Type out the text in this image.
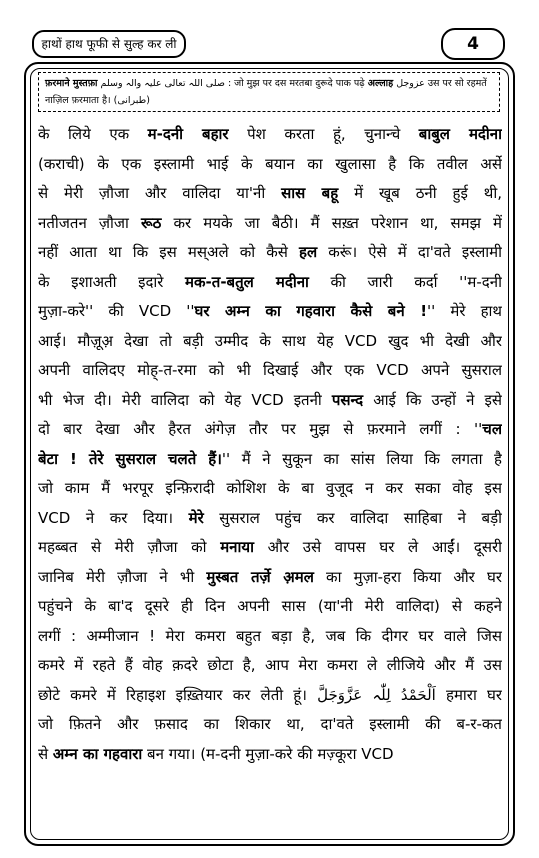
हाथों हाथ फूफी से सुल्ह कर ली	4
फ़रमाने मुस्तफ़ा صلی اللہ تعالی علیہ والہ وسلم : जो मुझ पर दस मरतबा दुरूदे पाक पढ़े अल्लाह عزوجل उस पर सो रहमतें
नाज़िल फ़रमाता है। (طبرانی)
के लिये एक म-दनी बहार पेश करता हूं, चुनान्चे बाबुल मदीना
(कराची) के एक इस्लामी भाई के बयान का खुलासा है कि तवील अर्से
से मेरी ज़ौजा और वालिदा या'नी सास बहू में खूब ठनी हुई थी,
नतीजतन ज़ौजा रूठ कर मयके जा बैठी। मैं सख़्त परेशान था, समझ में
नहीं आता था कि इस मस्अले को कैसे हल करूं। ऐसे में दा'वते इस्लामी
के इशाअती इदारे मक-त-बतुल मदीना की जारी कर्दा ''म-दनी
मुज़ा-करे'' की VCD ''घर अम्न का गहवारा कैसे बने !'' मेरे हाथ
आई। मौज़ूअ़ देखा तो बड़ी उम्मीद के साथ येह VCD खुद भी देखी और
अपनी वालिदए मोह्-त-रमा को भी दिखाई और एक VCD अपने सुसराल
भी भेज दी। मेरी वालिदा को येह VCD इतनी पसन्द आई कि उन्हों ने इसे
दो बार देखा और हैरत अंगेज़ तौर पर मुझ से फ़रमाने लगीं : ''चल
बेटा ! तेरे सुसराल चलते हैं।'' मैं ने सुकून का सांस लिया कि लगता है
जो काम मैं भरपूर इन्फ़िरादी कोशिश के बा वुजूद न कर सका वोह इस
VCD ने कर दिया। मेरे सुसराल पहुंच कर वालिदा साहिबा ने बड़ी
महब्बत से मेरी ज़ौजा को मनाया और उसे वापस घर ले आईं। दूसरी
जानिब मेरी ज़ौजा ने भी मुस्बत तर्ज़े अ़मल का मुज़ा-हरा किया और घर
पहुंचने के बा'द दूसरे ही दिन अपनी सास (या'नी मेरी वालिदा) से कहने
लगीं : अम्मीजान ! मेरा कमरा बहुत बड़ा है, जब कि दीगर घर वाले जिस
कमरे में रहते हैं वोह क़दरे छोटा है, आप मेरा कमरा ले लीजिये और मैं उस
छोटे कमरे में रिहाइश इख़्तियार कर लेती हूं। اَلْحَمْدُ لِلّٰہ عَزَّوَجَلَّ हमारा घर
जो फ़ितने और फ़साद का शिकार था, दा'वते इस्लामी की ब-र-कत
से अम्न का गहवारा बन गया। (म-दनी मुज़ा-करे की मज़्कूरा VCD
